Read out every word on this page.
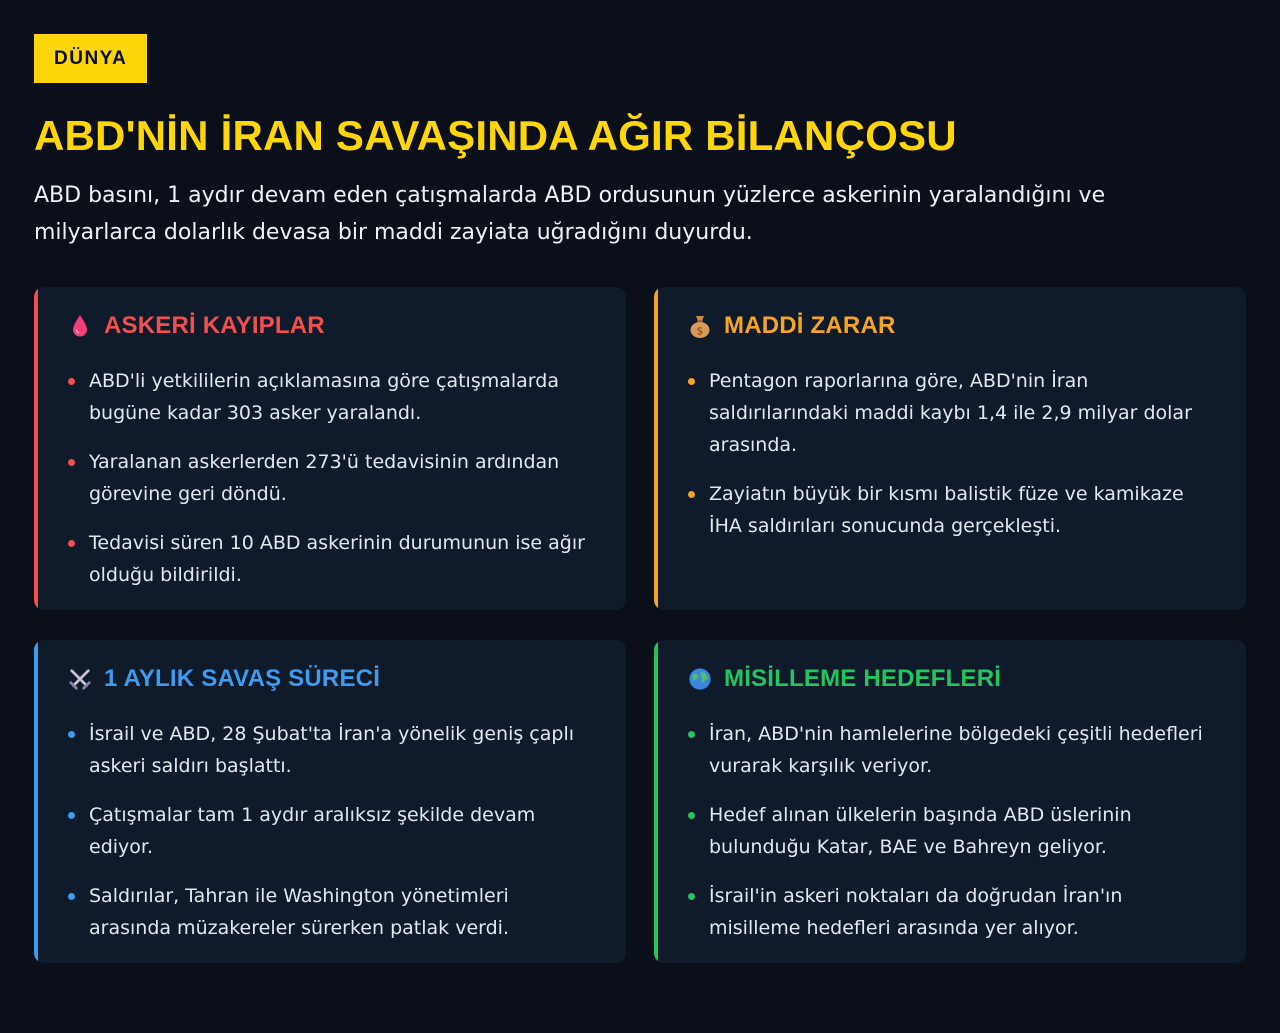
DÜNYA
ABD'NİN İRAN SAVAŞINDA AĞIR BİLANÇOSU

ABD basını, 1 aydır devam eden çatışmalarda ABD ordusunun yüzlerce askerinin yaralandığını ve milyarlarca dolarlık devasa bir maddi zayiata uğradığını duyurdu.

ASKERİ KAYIPLAR
ABD'li yetkililerin açıklamasına göre çatışmalarda bugüne kadar 303 asker yaralandı.
Yaralanan askerlerden 273'ü tedavisinin ardından görevine geri döndü.
Tedavisi süren 10 ABD askerinin durumunun ise ağır olduğu bildirildi.
$ MADDİ ZARAR
Pentagon raporlarına göre, ABD'nin İran saldırılarındaki maddi kaybı 1,4 ile 2,9 milyar dolar arasında.
Zayiatın büyük bir kısmı balistik füze ve kamikaze İHA saldırıları sonucunda gerçekleşti.
1 AYLIK SAVAŞ SÜRECİ
İsrail ve ABD, 28 Şubat'ta İran'a yönelik geniş çaplı askeri saldırı başlattı.
Çatışmalar tam 1 aydır aralıksız şekilde devam ediyor.
Saldırılar, Tahran ile Washington yönetimleri arasında müzakereler sürerken patlak verdi.
MİSİLLEME HEDEFLERİ
İran, ABD'nin hamlelerine bölgedeki çeşitli hedefleri vurarak karşılık veriyor.
Hedef alınan ülkelerin başında ABD üslerinin bulunduğu Katar, BAE ve Bahreyn geliyor.
İsrail'in askeri noktaları da doğrudan İran'ın misilleme hedefleri arasında yer alıyor.
